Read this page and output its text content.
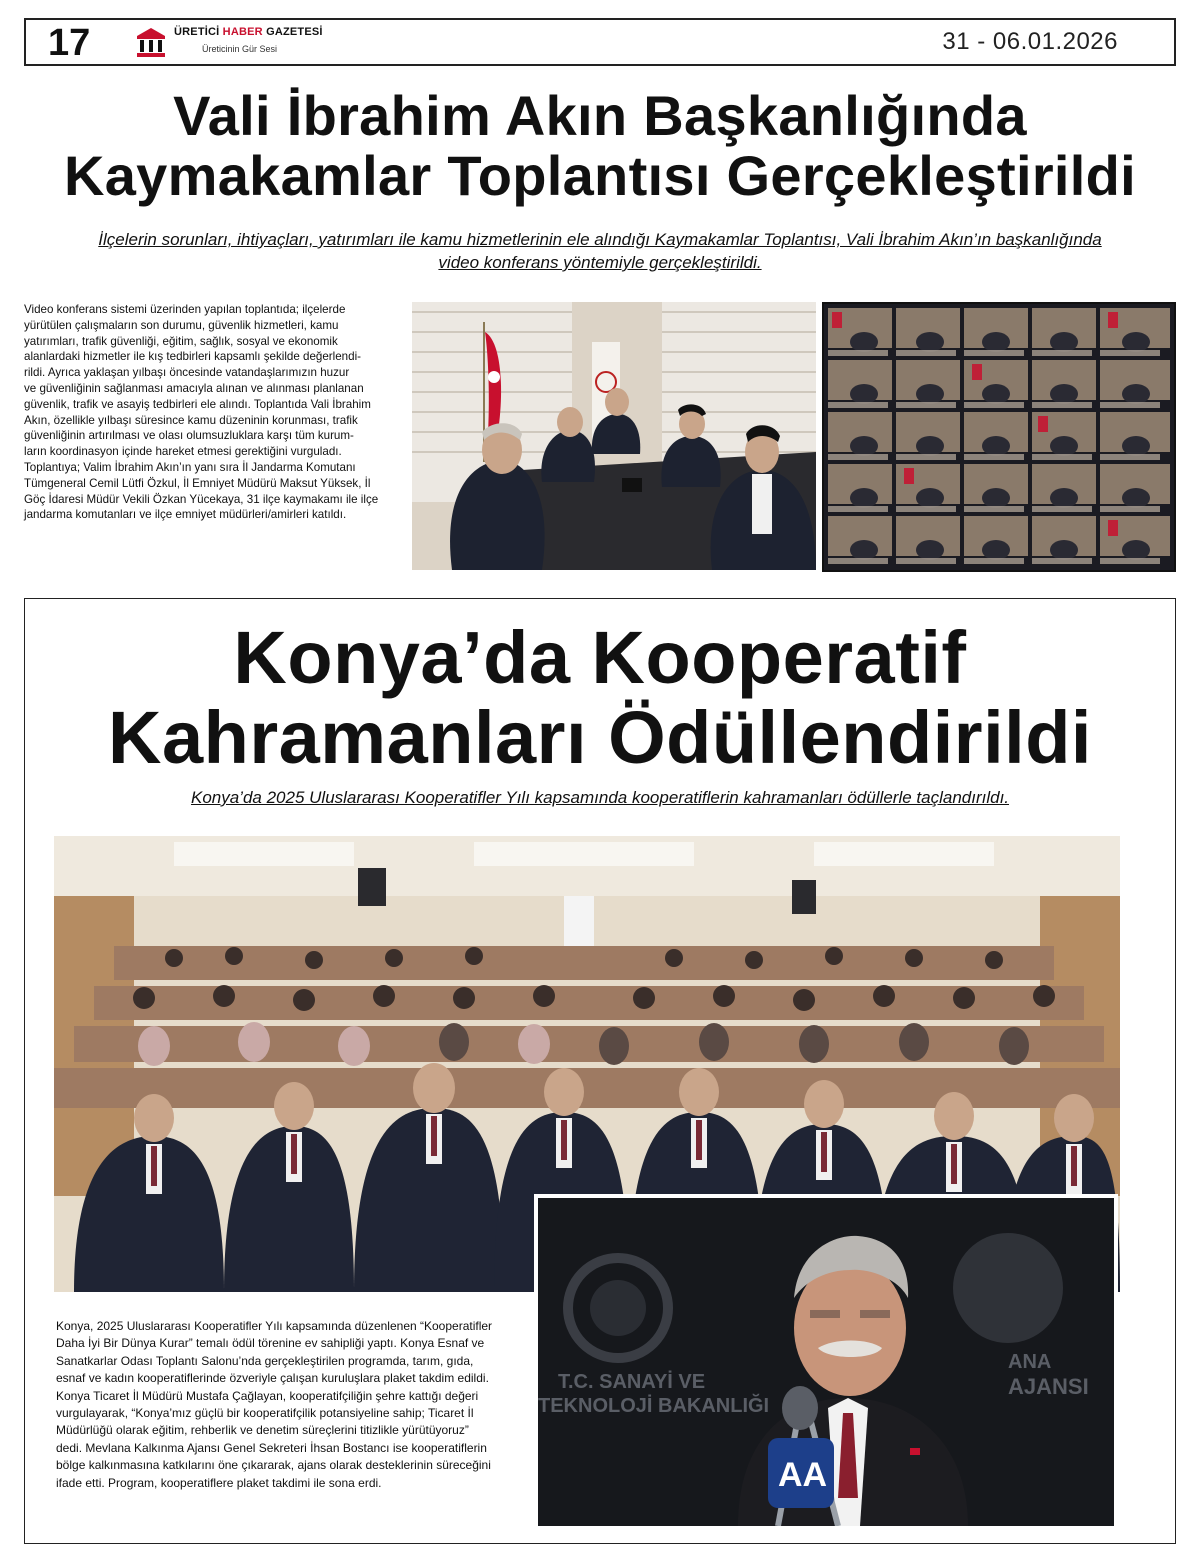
17	ÜRETİCİ HABER GAZETESİ
Üreticinin Gür Sesi	31 - 06.01.2026
Vali İbrahim Akın Başkanlığında
Kaymakamlar Toplantısı Gerçekleştirildi
İlçelerin sorunları, ihtiyaçları, yatırımları ile kamu hizmetlerinin ele alındığı Kaymakamlar Toplantısı, Vali İbrahim Akın’ın başkanlığında
video konferans yöntemiyle gerçekleştirildi.
Video konferans sistemi üzerinden yapılan toplantıda; ilçelerde
yürütülen çalışmaların son durumu, güvenlik hizmetleri, kamu
yatırımları, trafik güvenliği, eğitim, sağlık, sosyal ve ekonomik
alanlardaki hizmetler ile kış tedbirleri kapsamlı şekilde değerlendi-
rildi. Ayrıca yaklaşan yılbaşı öncesinde vatandaşlarımızın huzur
ve güvenliğinin sağlanması amacıyla alınan ve alınması planlanan
güvenlik, trafik ve asayiş tedbirleri ele alındı. Toplantıda Vali İbrahim
Akın, özellikle yılbaşı süresince kamu düzeninin korunması, trafik
güvenliğinin artırılması ve olası olumsuzluklara karşı tüm kurum-
ların koordinasyon içinde hareket etmesi gerektiğini vurguladı.
Toplantıya; Valim İbrahim Akın’ın yanı sıra İl Jandarma Komutanı
Tümgeneral Cemil Lütfi Özkul, İl Emniyet Müdürü Maksut Yüksek, İl
Göç İdaresi Müdür Vekili Özkan Yücekaya, 31 ilçe kaymakamı ile ilçe
jandarma komutanları ve ilçe emniyet müdürleri/amirleri katıldı.
Konya’da Kooperatif
Kahramanları Ödüllendirildi
Konya’da 2025 Uluslararası Kooperatifler Yılı kapsamında kooperatiflerin kahramanları ödüllerle taçlandırıldı.
T.C. SANAYİ VE
TEKNOLOJİ BAKANLIĞI
ANA
AJANSI
AA
Konya, 2025 Uluslararası Kooperatifler Yılı kapsamında düzenlenen “Kooperatifler
Daha İyi Bir Dünya Kurar” temalı ödül törenine ev sahipliği yaptı. Konya Esnaf ve
Sanatkarlar Odası Toplantı Salonu’nda gerçekleştirilen programda, tarım, gıda,
esnaf ve kadın kooperatiflerinde özveriyle çalışan kuruluşlara plaket takdim edildi.
Konya Ticaret İl Müdürü Mustafa Çağlayan, kooperatifçiliğin şehre kattığı değeri
vurgulayarak, “Konya’mız güçlü bir kooperatifçilik potansiyeline sahip; Ticaret İl
Müdürlüğü olarak eğitim, rehberlik ve denetim süreçlerini titizlikle yürütüyoruz”
dedi. Mevlana Kalkınma Ajansı Genel Sekreteri İhsan Bostancı ise kooperatiflerin
bölge kalkınmasına katkılarını öne çıkararak, ajans olarak desteklerinin süreceğini
ifade etti. Program, kooperatiflere plaket takdimi ile sona erdi.
